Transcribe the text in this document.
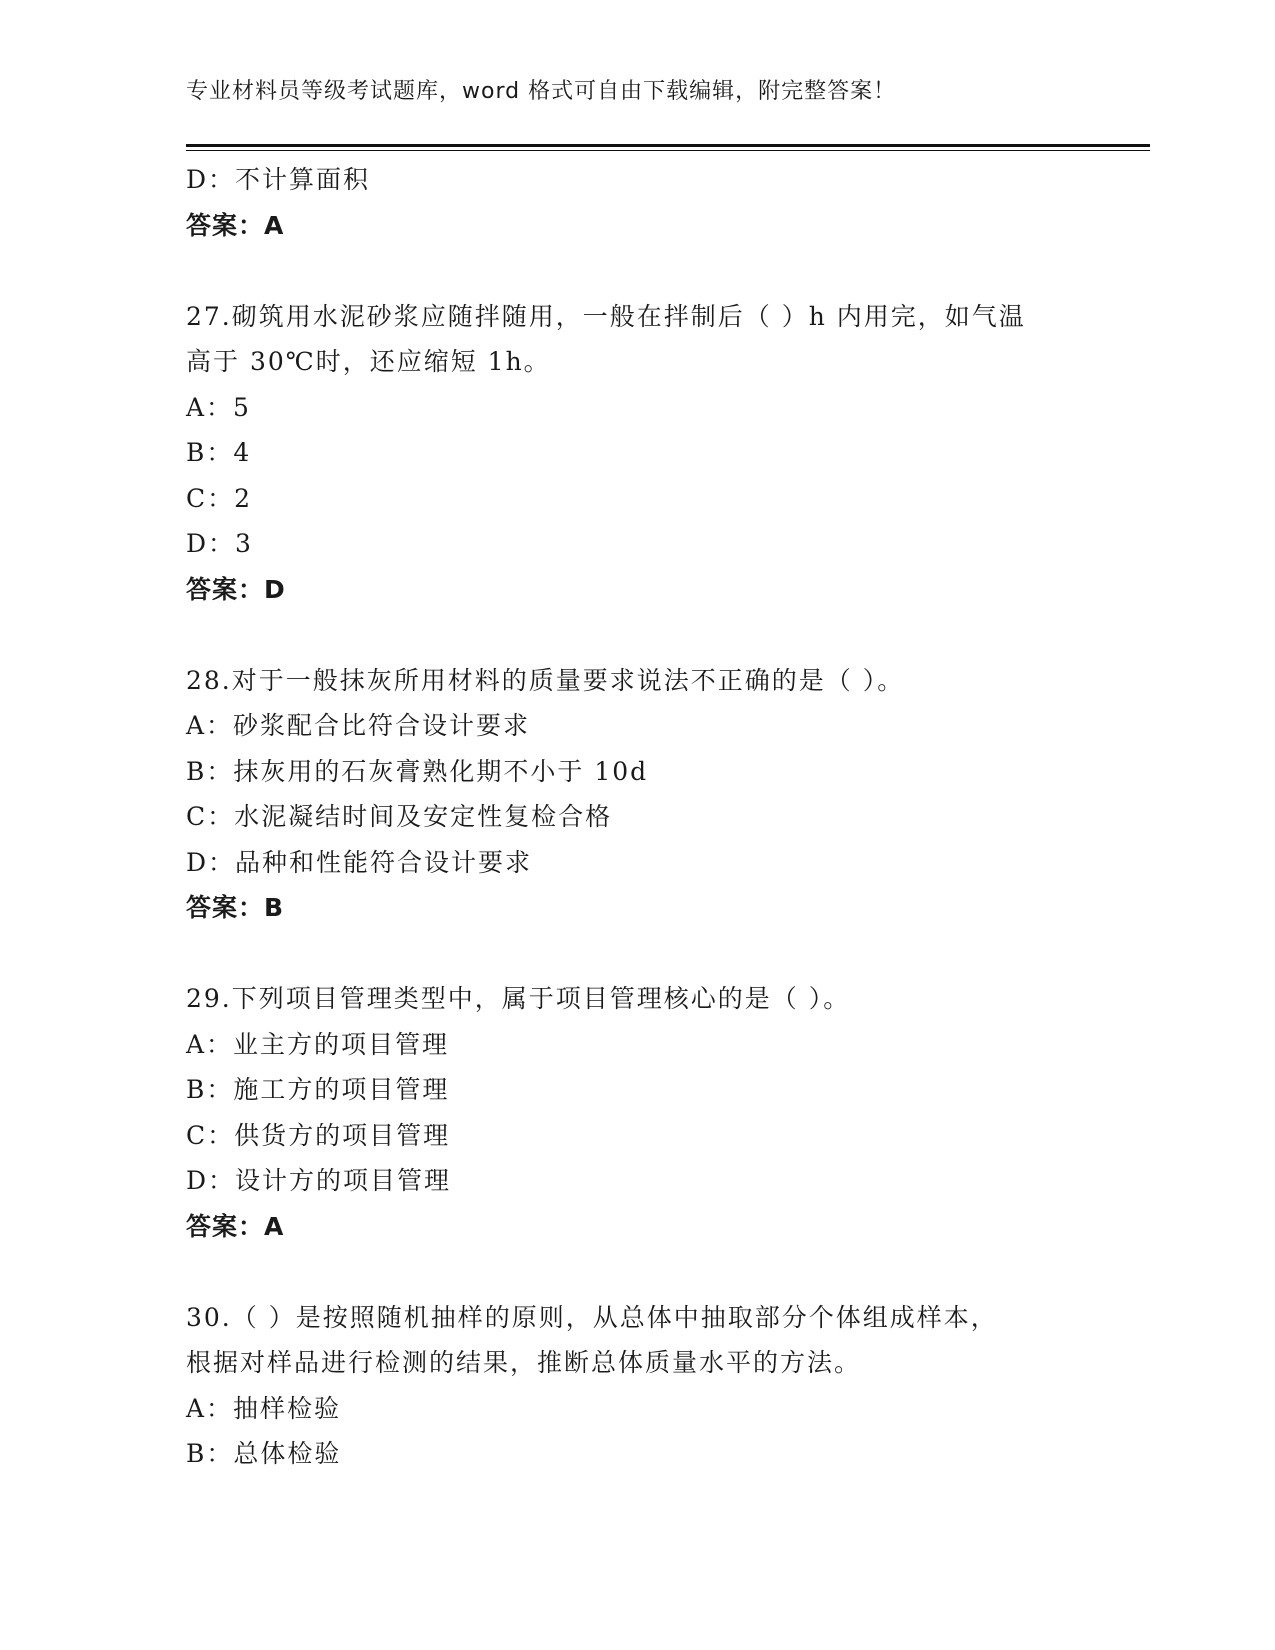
专业材料员等级考试题库，word 格式可自由下载编辑，附完整答案！
D：不计算面积
答案：A
27.砌筑用水泥砂浆应随拌随用，一般在拌制后（ ）h 内用完，如气温
高于 30℃时，还应缩短 1h。
A：5
B：4
C：2
D：3
答案：D
28.对于一般抹灰所用材料的质量要求说法不正确的是（ ）。
A：砂浆配合比符合设计要求
B：抹灰用的石灰膏熟化期不小于 10d
C：水泥凝结时间及安定性复检合格
D：品种和性能符合设计要求
答案：B
29.下列项目管理类型中，属于项目管理核心的是（ ）。
A：业主方的项目管理
B：施工方的项目管理
C：供货方的项目管理
D：设计方的项目管理
答案：A
30.（ ）是按照随机抽样的原则，从总体中抽取部分个体组成样本，
根据对样品进行检测的结果，推断总体质量水平的方法。
A：抽样检验
B：总体检验
